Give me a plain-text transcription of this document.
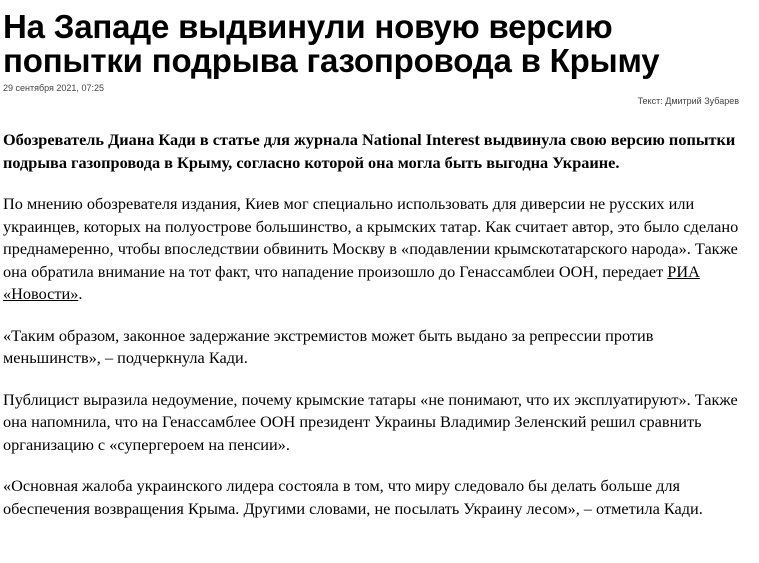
На Западе выдвинули новую версию попытки подрыва газопровода в Крыму
29 сентября 2021, 07:25
Текст: Дмитрий Зубарев

Обозреватель Диана Кади в статье для журнала National Interest выдвинула свою версию попытки подрыва газопровода в Крыму, согласно которой она могла быть выгодна Украине.

По мнению обозревателя издания, Киев мог специально использовать для диверсии не русских или украинцев, которых на полуострове большинство, а крымских татар. Как считает автор, это было сделано преднамеренно, чтобы впоследствии обвинить Москву в «подавлении крымскотатарского народа». Также она обратила внимание на тот факт, что нападение произошло до Генассамблеи ООН, передает РИА «Новости».

«Таким образом, законное задержание экстремистов может быть выдано за репрессии против меньшинств», – подчеркнула Кади.

Публицист выразила недоумение, почему крымские татары «не понимают, что их эксплуатируют». Также она напомнила, что на Генассамблее ООН президент Украины Владимир Зеленский решил сравнить организацию с «супергероем на пенсии».

«Основная жалоба украинского лидера состояла в том, что миру следовало бы делать больше для обеспечения возвращения Крыма. Другими словами, не посылать Украину лесом», – отметила Кади.
